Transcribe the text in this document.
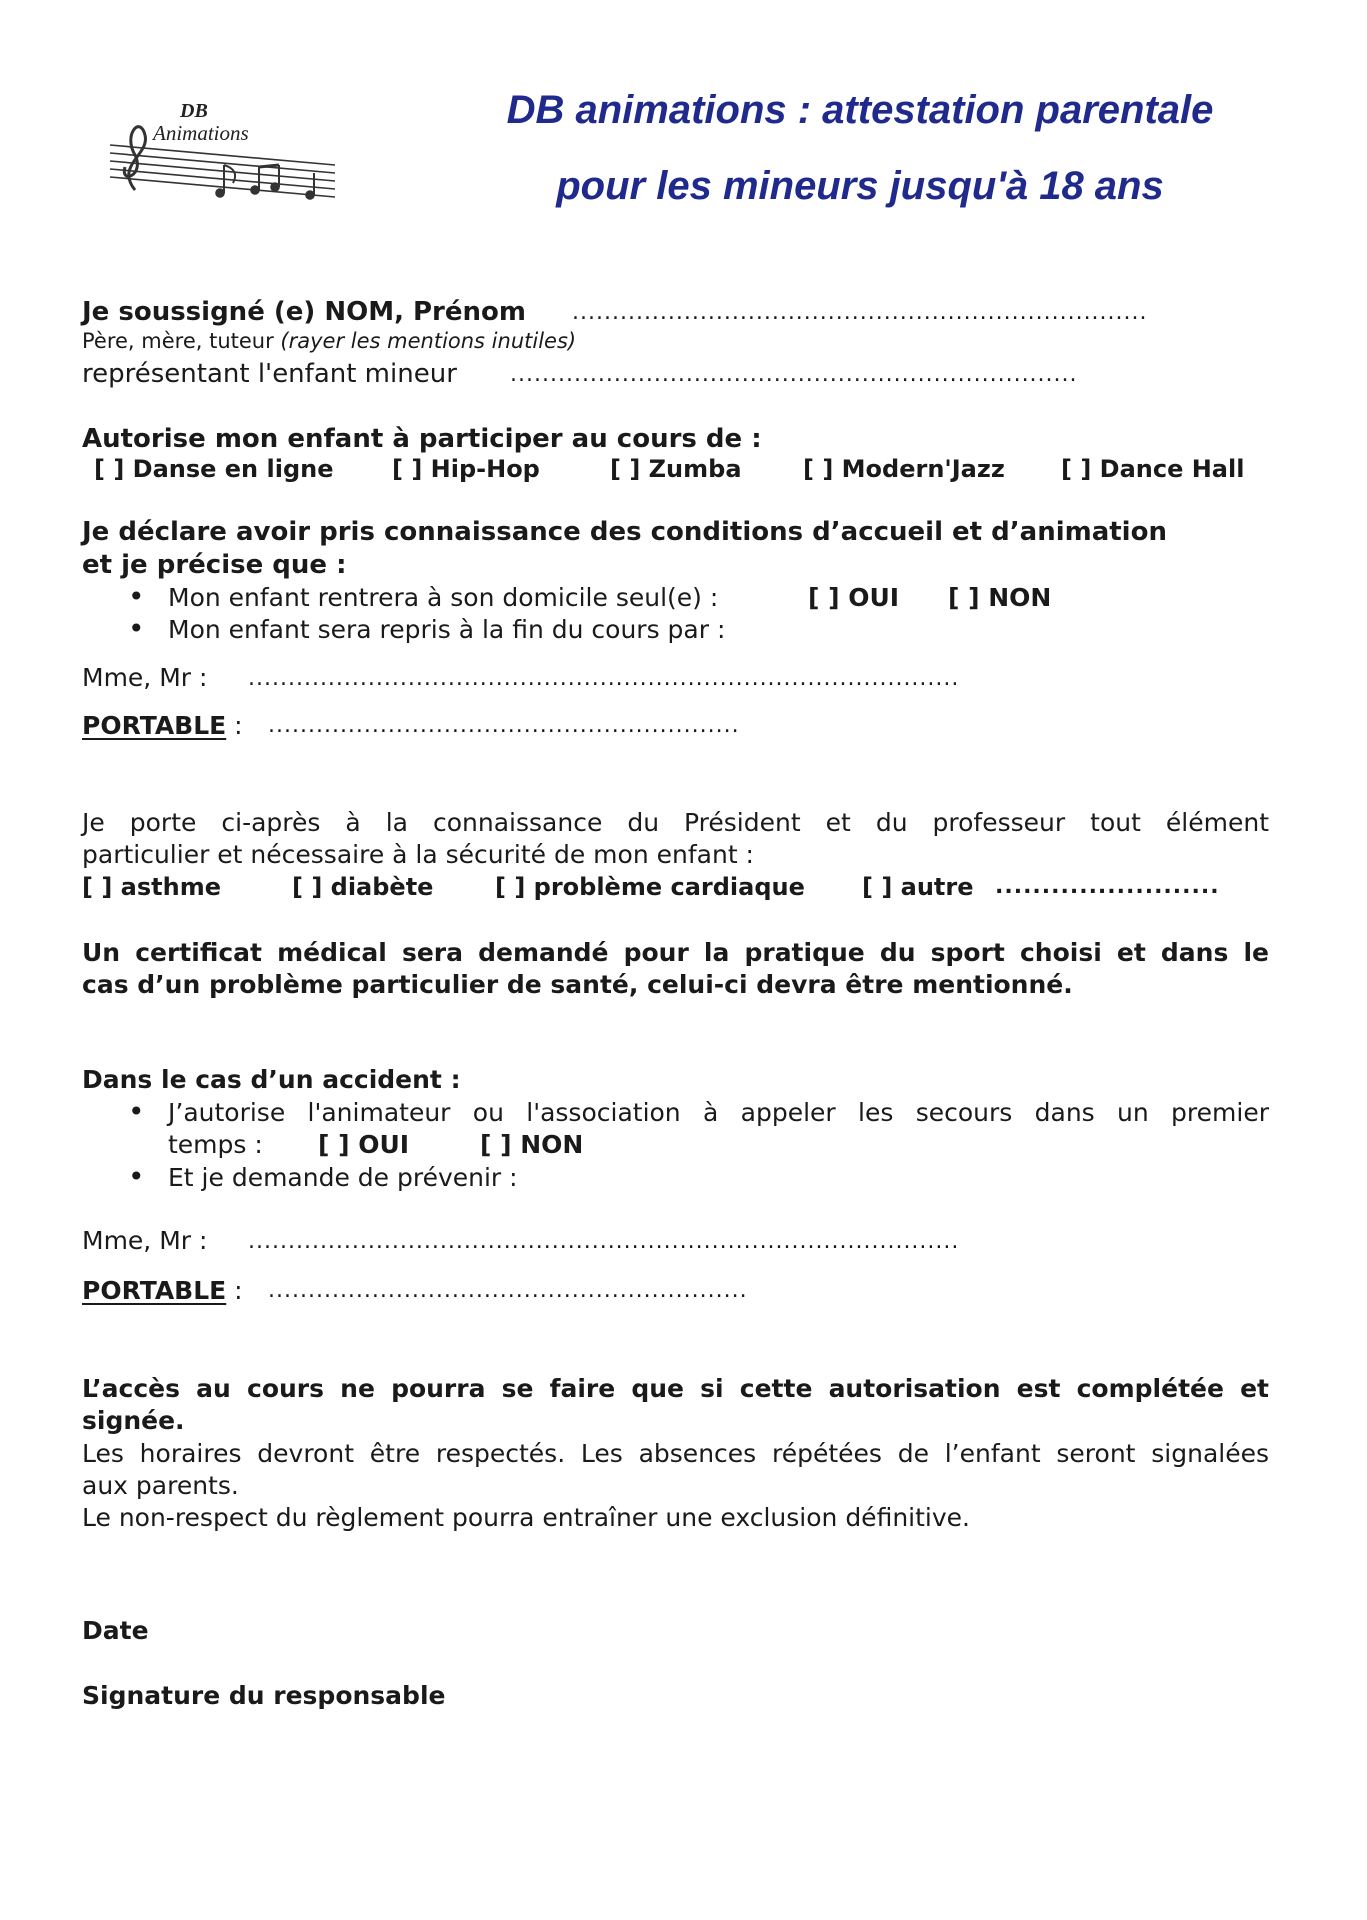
DB
Animations
DB animations : attestation parentale
pour les mineurs jusqu'à 18 ans
Je soussigné (e) NOM, Prénom ........................................................................
Père, mère, tuteur (rayer les mentions inutiles)
représentant l'enfant mineur .......................................................................
Autorise mon enfant à participer au cours de :
[ ] Danse en ligne [ ] Hip-Hop	[ ] Zumba	[ ] Modern'Jazz [ ] Dance Hall
Je déclare avoir pris connaissance des conditions d’accueil et d’animation
et je précise que :
• Mon enfant rentrera à son domicile seul(e) :	[ ] OUI [ ] NON
• Mon enfant sera repris à la fin du cours par :
Mme, Mr : .........................................................................................
PORTABLE : ...........................................................
Je porte ci-après à la connaissance du Président et du professeur tout élément
particulier et nécessaire à la sécurité de mon enfant :
[ ] asthme	[ ] diabète	[ ] problème cardiaque [ ] autre ........................
Un certificat médical sera demandé pour la pratique du sport choisi et dans le
cas d’un problème particulier de santé, celui-ci devra être mentionné.
Dans le cas d’un accident :
• J’autorise l'animateur ou l'association à appeler les secours dans un premier
temps : [ ] OUI	[ ] NON
• Et je demande de prévenir :
Mme, Mr : .........................................................................................
PORTABLE : ............................................................
L’accès au cours ne pourra se faire que si cette autorisation est complétée et
signée.
Les horaires devront être respectés. Les absences répétées de l’enfant seront signalées
aux parents.
Le non-respect du règlement pourra entraîner une exclusion définitive.
Date
Signature du responsable
